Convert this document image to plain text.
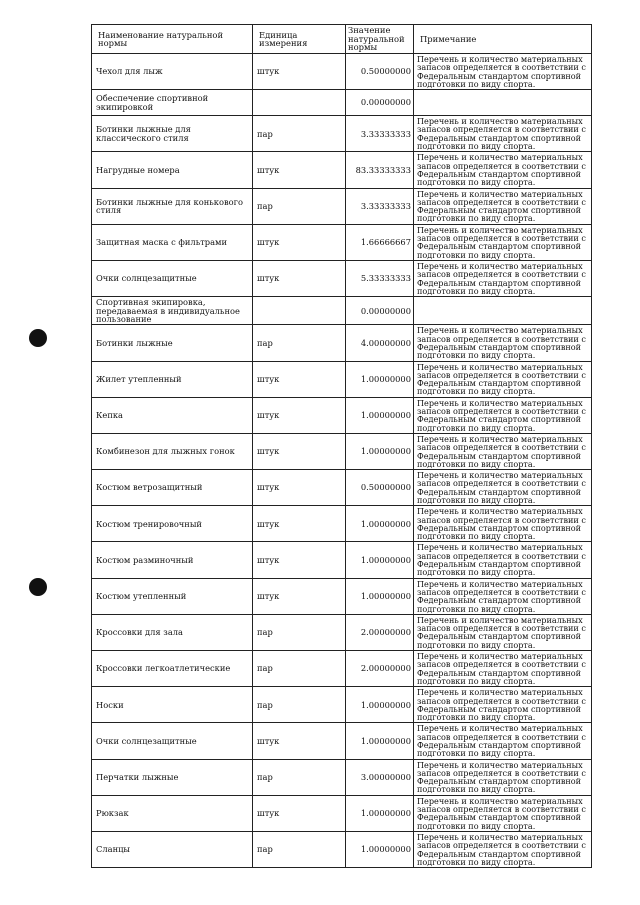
Наименование натуральной нормы	Единица измерения	Значение натуральной нормы	Примечание
Чехол для лыж	штук	0.50000000	Перечень и количество материальных запасов определяется в соответствии с Федеральным стандартом спортивной подготовки по виду спорта.
Обеспечение спортивной экипировкой		0.00000000	
Ботинки лыжные для классического стиля	пар	3.33333333	Перечень и количество материальных запасов определяется в соответствии с Федеральным стандартом спортивной подготовки по виду спорта.
Нагрудные номера	штук	83.33333333	Перечень и количество материальных запасов определяется в соответствии с Федеральным стандартом спортивной подготовки по виду спорта.
Ботинки лыжные для конькового стиля	пар	3.33333333	Перечень и количество материальных запасов определяется в соответствии с Федеральным стандартом спортивной подготовки по виду спорта.
Защитная маска с фильтрами	штук	1.66666667	Перечень и количество материальных запасов определяется в соответствии с Федеральным стандартом спортивной подготовки по виду спорта.
Очки солнцезащитные	штук	5.33333333	Перечень и количество материальных запасов определяется в соответствии с Федеральным стандартом спортивной подготовки по виду спорта.
Спортивная экипировка, передаваемая в индивидуальное пользование		0.00000000	
Ботинки лыжные	пар	4.00000000	Перечень и количество материальных запасов определяется в соответствии с Федеральным стандартом спортивной подготовки по виду спорта.
Жилет утепленный	штук	1.00000000	Перечень и количество материальных запасов определяется в соответствии с Федеральным стандартом спортивной подготовки по виду спорта.
Кепка	штук	1.00000000	Перечень и количество материальных запасов определяется в соответствии с Федеральным стандартом спортивной подготовки по виду спорта.
Комбинезон для лыжных гонок	штук	1.00000000	Перечень и количество материальных запасов определяется в соответствии с Федеральным стандартом спортивной подготовки по виду спорта.
Костюм ветрозащитный	штук	0.50000000	Перечень и количество материальных запасов определяется в соответствии с Федеральным стандартом спортивной подготовки по виду спорта.
Костюм тренировочный	штук	1.00000000	Перечень и количество материальных запасов определяется в соответствии с Федеральным стандартом спортивной подготовки по виду спорта.
Костюм разминочный	штук	1.00000000	Перечень и количество материальных запасов определяется в соответствии с Федеральным стандартом спортивной подготовки по виду спорта.
Костюм утепленный	штук	1.00000000	Перечень и количество материальных запасов определяется в соответствии с Федеральным стандартом спортивной подготовки по виду спорта.
Кроссовки для зала	пар	2.00000000	Перечень и количество материальных запасов определяется в соответствии с Федеральным стандартом спортивной подготовки по виду спорта.
Кроссовки легкоатлетические	пар	2.00000000	Перечень и количество материальных запасов определяется в соответствии с Федеральным стандартом спортивной подготовки по виду спорта.
Носки	пар	1.00000000	Перечень и количество материальных запасов определяется в соответствии с Федеральным стандартом спортивной подготовки по виду спорта.
Очки солнцезащитные	штук	1.00000000	Перечень и количество материальных запасов определяется в соответствии с Федеральным стандартом спортивной подготовки по виду спорта.
Перчатки лыжные	пар	3.00000000	Перечень и количество материальных запасов определяется в соответствии с Федеральным стандартом спортивной подготовки по виду спорта.
Рюкзак	штук	1.00000000	Перечень и количество материальных запасов определяется в соответствии с Федеральным стандартом спортивной подготовки по виду спорта.
Сланцы	пар	1.00000000	Перечень и количество материальных запасов определяется в соответствии с Федеральным стандартом спортивной подготовки по виду спорта.
